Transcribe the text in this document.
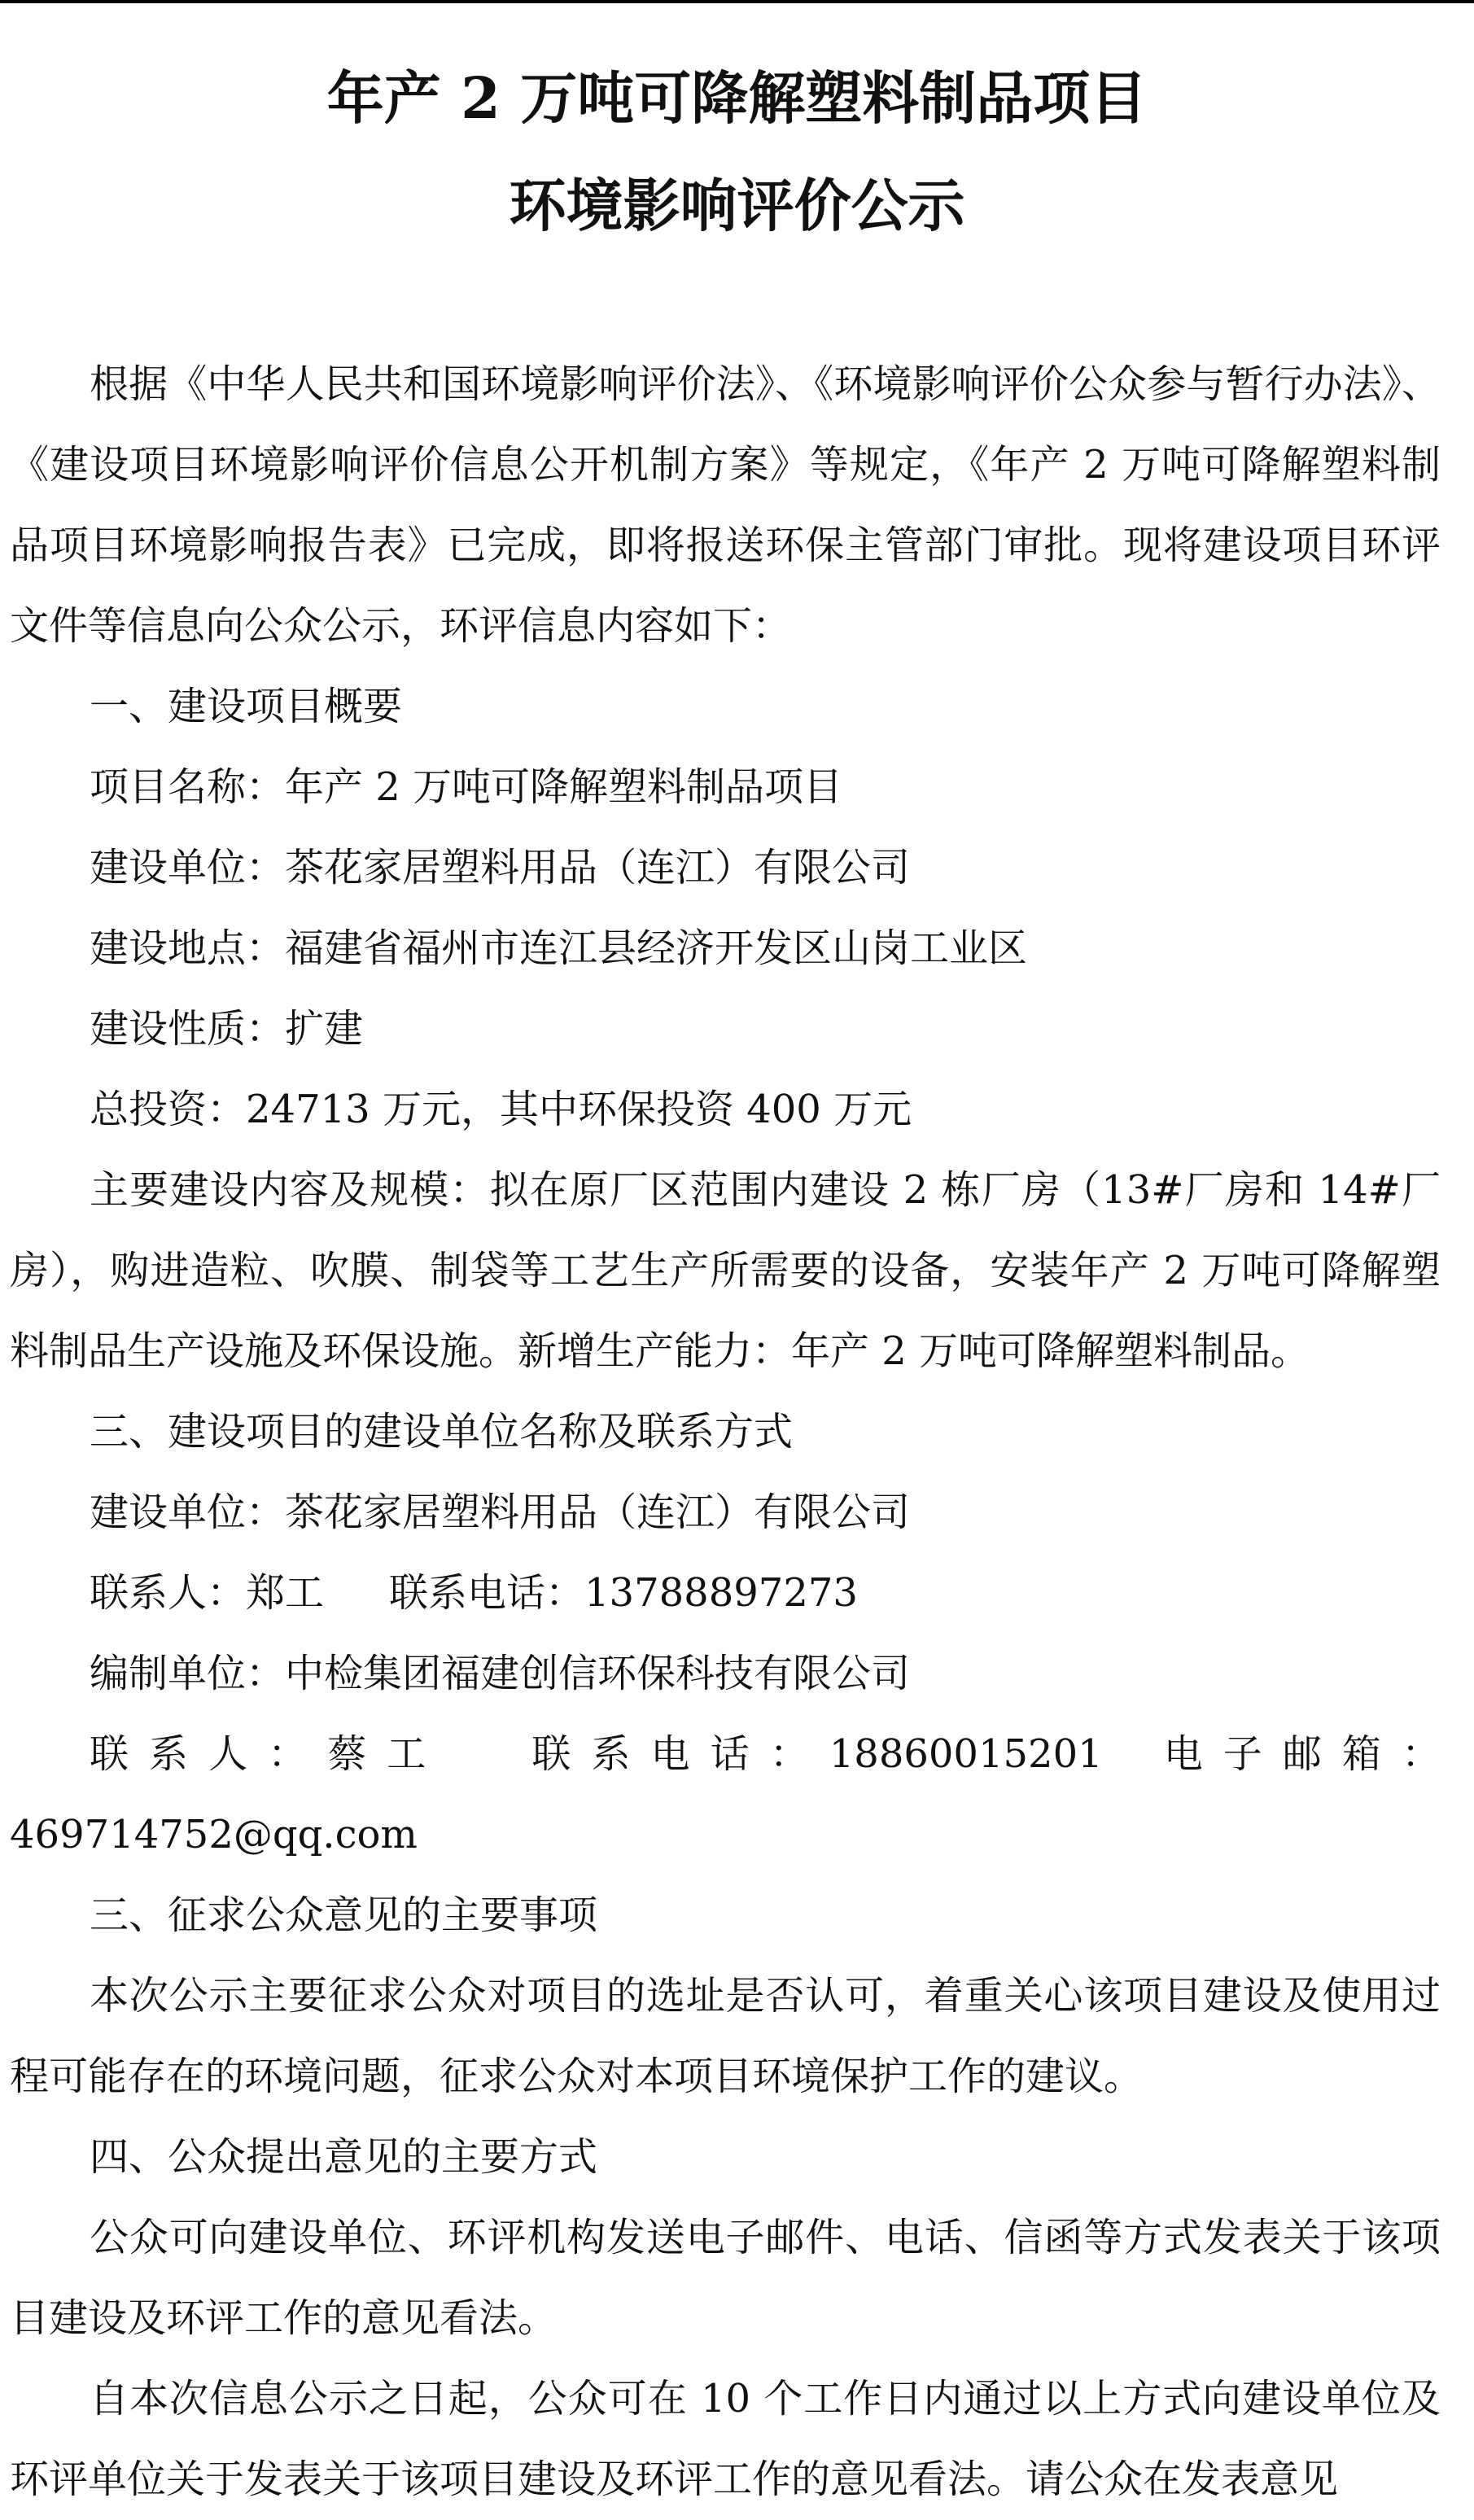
年产 2 万吨可降解塑料制品项目
环境影响评价公示

根据《中华人民共和国环境影响评价法》、《环境影响评价公众参与暂行办法》、《建设项目环境影响评价信息公开机制方案》等规定，《年产 2 万吨可降解塑料制品项目环境影响报告表》已完成，即将报送环保主管部门审批。现将建设项目环评文件等信息向公众公示，环评信息内容如下：

一、建设项目概要

项目名称：年产 2 万吨可降解塑料制品项目

建设单位：茶花家居塑料用品（连江）有限公司

建设地点：福建省福州市连江县经济开发区山岗工业区

建设性质：扩建

总投资：24713 万元，其中环保投资 400 万元

主要建设内容及规模：拟在原厂区范围内建设 2 栋厂房（13#厂房和 14#厂房），购进造粒、吹膜、制袋等工艺生产所需要的设备，安装年产 2 万吨可降解塑料制品生产设施及环保设施。新增生产能力：年产 2 万吨可降解塑料制品。

三、建设项目的建设单位名称及联系方式

建设单位：茶花家居塑料用品（连江）有限公司

联系人：郑工 联系电话：13788897273

编制单位：中检集团福建创信环保科技有限公司

联系人：蔡工 联系电话：18860015201 电子邮箱：469714752@qq.com

三、征求公众意见的主要事项

本次公示主要征求公众对项目的选址是否认可，着重关心该项目建设及使用过程可能存在的环境问题，征求公众对本项目环境保护工作的建议。

四、公众提出意见的主要方式

公众可向建设单位、环评机构发送电子邮件、电话、信函等方式发表关于该项目建设及环评工作的意见看法。

自本次信息公示之日起，公众可在 10 个工作日内通过以上方式向建设单位及环评单位关于发表关于该项目建设及环评工作的意见看法。请公众在发表意见
